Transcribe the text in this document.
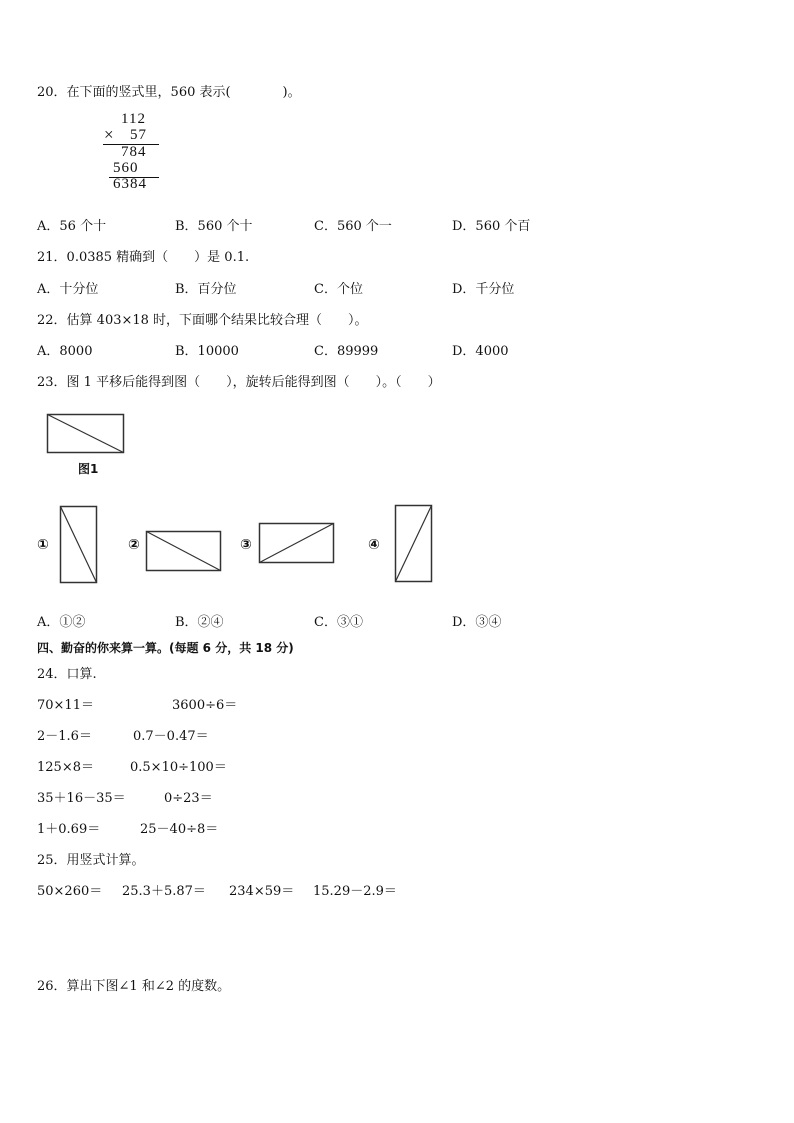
20．在下面的竖式里，560 表示(　　　　)。
112
× 57
784
560
6384
A．56 个十	B．560 个十	C．560 个一	D．560 个百
21．0.0385 精确到（　　）是 0.1.
A．十分位	B．百分位	C．个位	D．千分位
22．估算 403×18 时，下面哪个结果比较合理（　　）。
A．8000	B．10000	C．89999	D．4000
23．图 1 平移后能得到图（　　），旋转后能得到图（　　）。（　　）
图1
①	②	③	④
A．①②	B．②④	C．③①	D．③④
四、勤奋的你来算一算。(每题 6 分，共 18 分)
24．口算.
70×11＝	3600÷6＝
2－1.6＝	0.7－0.47＝
125×8＝	0.5×10÷100＝
35＋16－35＝	0÷23＝
1＋0.69＝	25－40÷8＝
25．用竖式计算。
50×260＝ 25.3＋5.87＝ 234×59＝ 15.29－2.9＝
26．算出下图∠1 和∠2 的度数。
